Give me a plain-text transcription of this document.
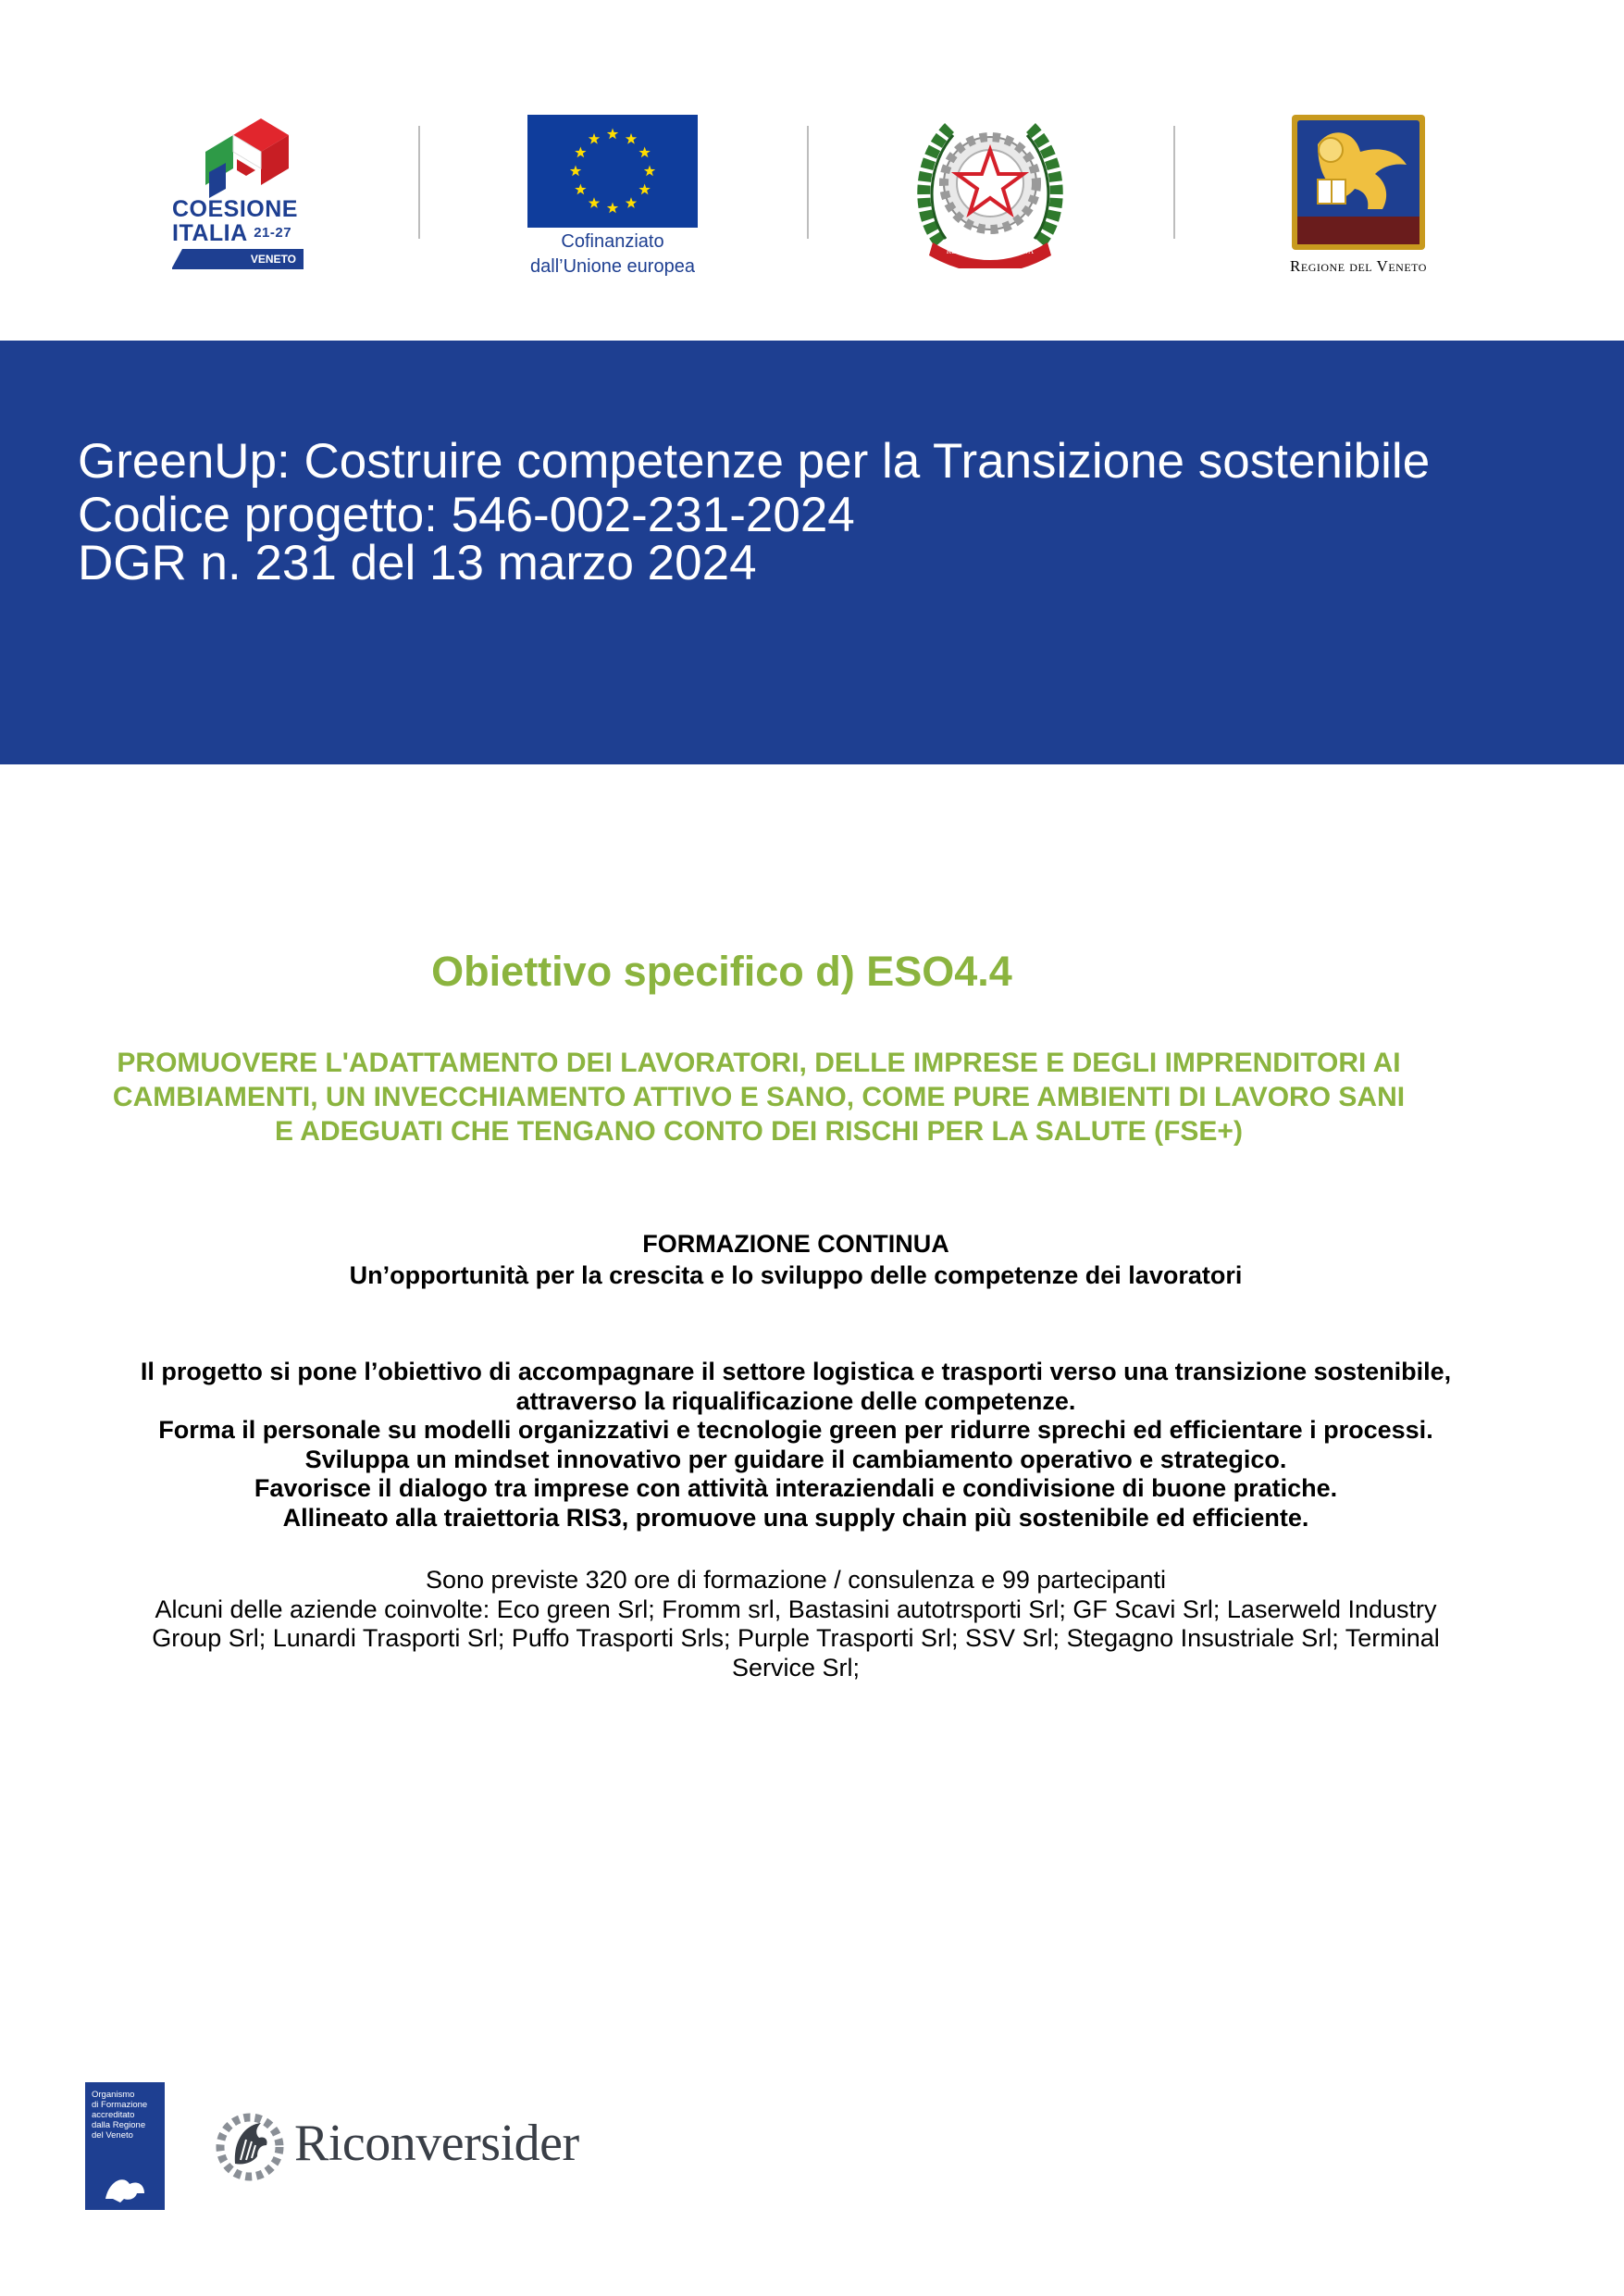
COESIONE
ITALIA 21-27
VENETO
Cofinanziato
dall’Unione europea
REPVBBLICA ITALIANA
Regione del Veneto
GreenUp: Costruire competenze per la Transizione sostenibile
Codice progetto: 546-002-231-2024
DGR n. 231 del 13 marzo 2024
Obiettivo specifico d) ESO4.4
PROMUOVERE L'ADATTAMENTO DEI LAVORATORI, DELLE IMPRESE E DEGLI IMPRENDITORI AI
CAMBIAMENTI, UN INVECCHIAMENTO ATTIVO E SANO, COME PURE AMBIENTI DI LAVORO SANI
E ADEGUATI CHE TENGANO CONTO DEI RISCHI PER LA SALUTE (FSE+)
FORMAZIONE CONTINUA
Un’opportunità per la crescita e lo sviluppo delle competenze dei lavoratori
Il progetto si pone l’obiettivo di accompagnare il settore logistica e trasporti verso una transizione sostenibile,
attraverso la riqualificazione delle competenze.
Forma il personale su modelli organizzativi e tecnologie green per ridurre sprechi ed efficientare i processi.
Sviluppa un mindset innovativo per guidare il cambiamento operativo e strategico.
Favorisce il dialogo tra imprese con attività interaziendali e condivisione di buone pratiche.
Allineato alla traiettoria RIS3, promuove una supply chain più sostenibile ed efficiente.
Sono previste 320 ore di formazione / consulenza e 99 partecipanti
Alcuni delle aziende coinvolte: Eco green Srl; Fromm srl, Bastasini autotrsporti Srl; GF Scavi Srl; Laserweld Industry
Group Srl; Lunardi Trasporti Srl; Puffo Trasporti Srls; Purple Trasporti Srl; SSV Srl; Stegagno Insustriale Srl; Terminal
Service Srl;
Organismo
di Formazione
accreditato
dalla Regione
del Veneto	Riconversider
